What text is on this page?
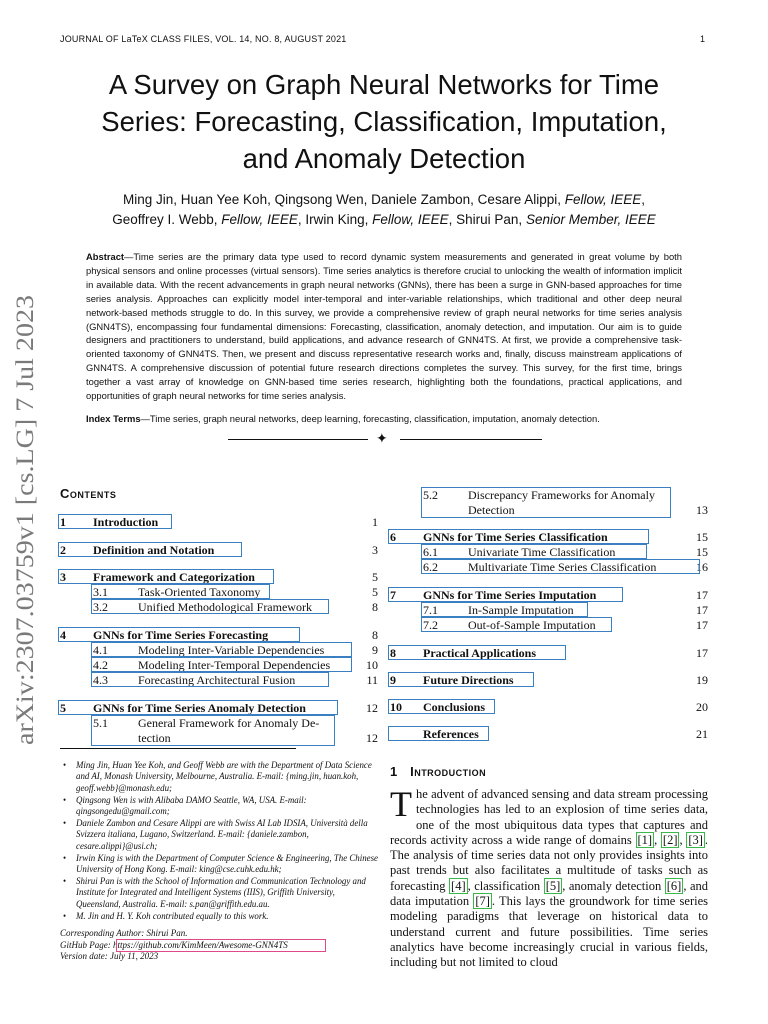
JOURNAL OF LaTeX CLASS FILES, VOL. 14, NO. 8, AUGUST 2021	1
A Survey on Graph Neural Networks for Time
Series: Forecasting, Classification, Imputation,
and Anomaly Detection
Ming Jin, Huan Yee Koh, Qingsong Wen, Daniele Zambon, Cesare Alippi, Fellow, IEEE,
Geoffrey I. Webb, Fellow, IEEE, Irwin King, Fellow, IEEE, Shirui Pan, Senior Member, IEEE
Abstract—Time series are the primary data type used to record dynamic system measurements and generated in great volume by both physical sensors and online processes (virtual sensors). Time series analytics is therefore crucial to unlocking the wealth of information implicit in available data. With the recent advancements in graph neural networks (GNNs), there has been a surge in GNN-based approaches for time series analysis. Approaches can explicitly model inter-temporal and inter-variable relationships, which traditional and other deep neural network-based methods struggle to do. In this survey, we provide a comprehensive review of graph neural networks for time series analysis (GNN4TS), encompassing four fundamental dimensions: Forecasting, classification, anomaly detection, and imputation. Our aim is to guide designers and practitioners to understand, build applications, and advance research of GNN4TS. At first, we provide a comprehensive task-oriented taxonomy of GNN4TS. Then, we present and discuss representative research works and, finally, discuss mainstream applications of GNN4TS. A comprehensive discussion of potential future research directions completes the survey. This survey, for the first time, brings together a vast array of knowledge on GNN-based time series research, highlighting both the foundations, practical applications, and opportunities of graph neural networks for time series analysis.
Index Terms—Time series, graph neural networks, deep learning, forecasting, classification, imputation, anomaly detection.
✦
arXiv:2307.03759v1 [cs.LG] 7 Jul 2023 Contents
1 Introduction	1
2 Definition and Notation	3
3 Framework and Categorization	5
3.1	Task-Oriented Taxonomy	5
3.2	Unified Methodological Framework	8
4 GNNs for Time Series Forecasting	8
4.1	Modeling Inter-Variable Dependencies	9
4.2	Modeling Inter-Temporal Dependencies	10
4.3	Forecasting Architectural Fusion	11
5 GNNs for Time Series Anomaly Detection	12
5.1	General Framework for Anomaly De-
tection	12
5.2	Discrepancy Frameworks for Anomaly
Detection	13
6 GNNs for Time Series Classification	15
6.1	Univariate Time Classification	15
6.2	Multivariate Time Series Classification	16
7 GNNs for Time Series Imputation	17
7.1	In-Sample Imputation	17
7.2	Out-of-Sample Imputation	17
8 Practical Applications	17
9 Future Directions	19
10 Conclusions	20
References	21
• Ming Jin, Huan Yee Koh, and Geoff Webb are with the Department of Data Science and AI, Monash University, Melbourne, Australia. E-mail: {ming.jin, huan.koh, geoff.webb}@monash.edu;
• Qingsong Wen is with Alibaba DAMO Seattle, WA, USA. E-mail: qingsongedu@gmail.com;
• Daniele Zambon and Cesare Alippi are with Swiss AI Lab IDSIA, Università della Svizzera italiana, Lugano, Switzerland. E-mail: {daniele.zambon, cesare.alippi}@usi.ch;
• Irwin King is with the Department of Computer Science & Engineering, The Chinese University of Hong Kong. E-mail: king@cse.cuhk.edu.hk;
• Shirui Pan is with the School of Information and Communication Technology and Institute for Integrated and Intelligent Systems (IIIS), Griffith University, Queensland, Australia. E-mail: s.pan@griffith.edu.au.
• M. Jin and H. Y. Koh contributed equally to this work.
Corresponding Author: Shirui Pan.
GitHub Page: https://github.com/KimMeen/Awesome-GNN4TS
Version date: July 11, 2023
1 Introduction
The advent of advanced sensing and data stream processing technologies has led to an explosion of time series data, one of the most ubiquitous data types that captures and records activity across a wide range of domains [1] , [2] , [3] . The analysis of time series data not only provides insights into past trends but also facilitates a multitude of tasks such as forecasting [4] , classification [5] , anomaly detection [6] , and data imputation [7] . This lays the groundwork for time series modeling paradigms that leverage on historical data to understand current and future possibilities. Time series analytics have become increasingly crucial in various fields, including but not limited to cloud
